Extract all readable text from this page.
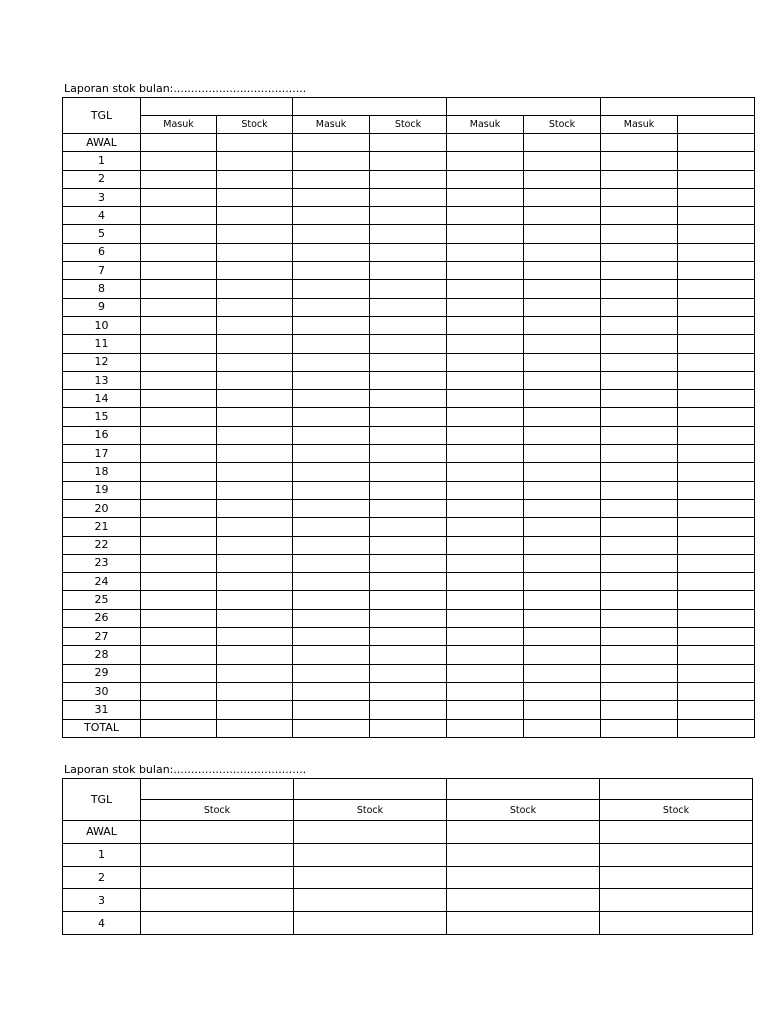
Laporan stok bulan:......................................
TGL								
	Masuk	Stock	Masuk	Stock	Masuk	Stock	Masuk	
AWAL								
1								
2								
3								
4								
5								
6								
7								
8								
9								
10								
11								
12								
13								
14								
15								
16								
17								
18								
19								
20								
21								
22								
23								
24								
25								
26								
27								
28								
29								
30								
31								
TOTAL								
Laporan stok bulan:......................................
TGL				
	Stock	Stock	Stock	Stock
AWAL				
1				
2				
3				
4				
